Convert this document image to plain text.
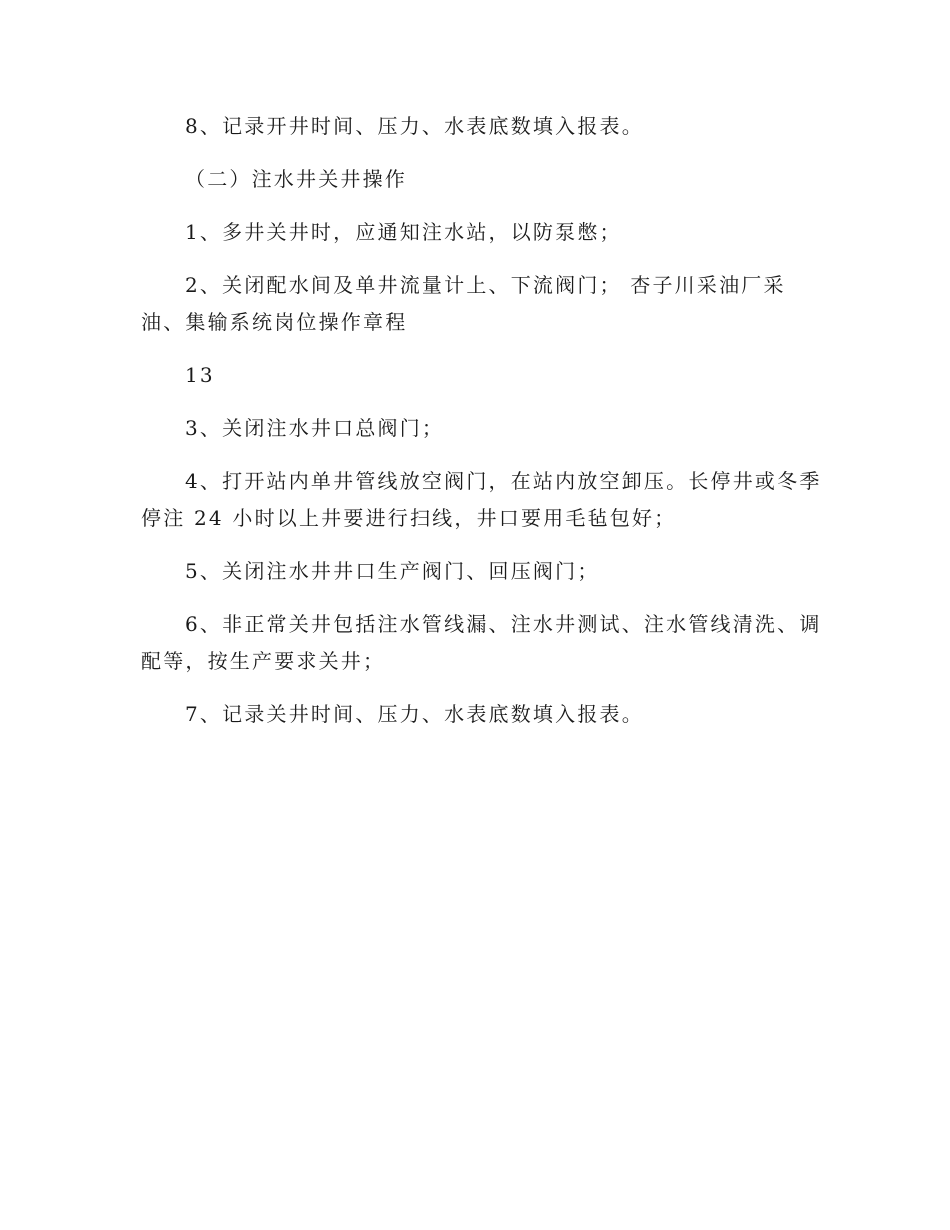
8、记录开井时间、压力、水表底数填入报表。
（二）注水井关井操作
1、多井关井时，应通知注水站，以防泵憋；
2、关闭配水间及单井流量计上、下流阀门； 杏子川采油厂采
油、集输系统岗位操作章程
13
3、关闭注水井口总阀门；
4、打开站内单井管线放空阀门，在站内放空卸压。长停井或冬季
停注 24 小时以上井要进行扫线，井口要用毛毡包好；
5、关闭注水井井口生产阀门、回压阀门；
6、非正常关井包括注水管线漏、注水井测试、注水管线清洗、调
配等，按生产要求关井；
7、记录关井时间、压力、水表底数填入报表。
